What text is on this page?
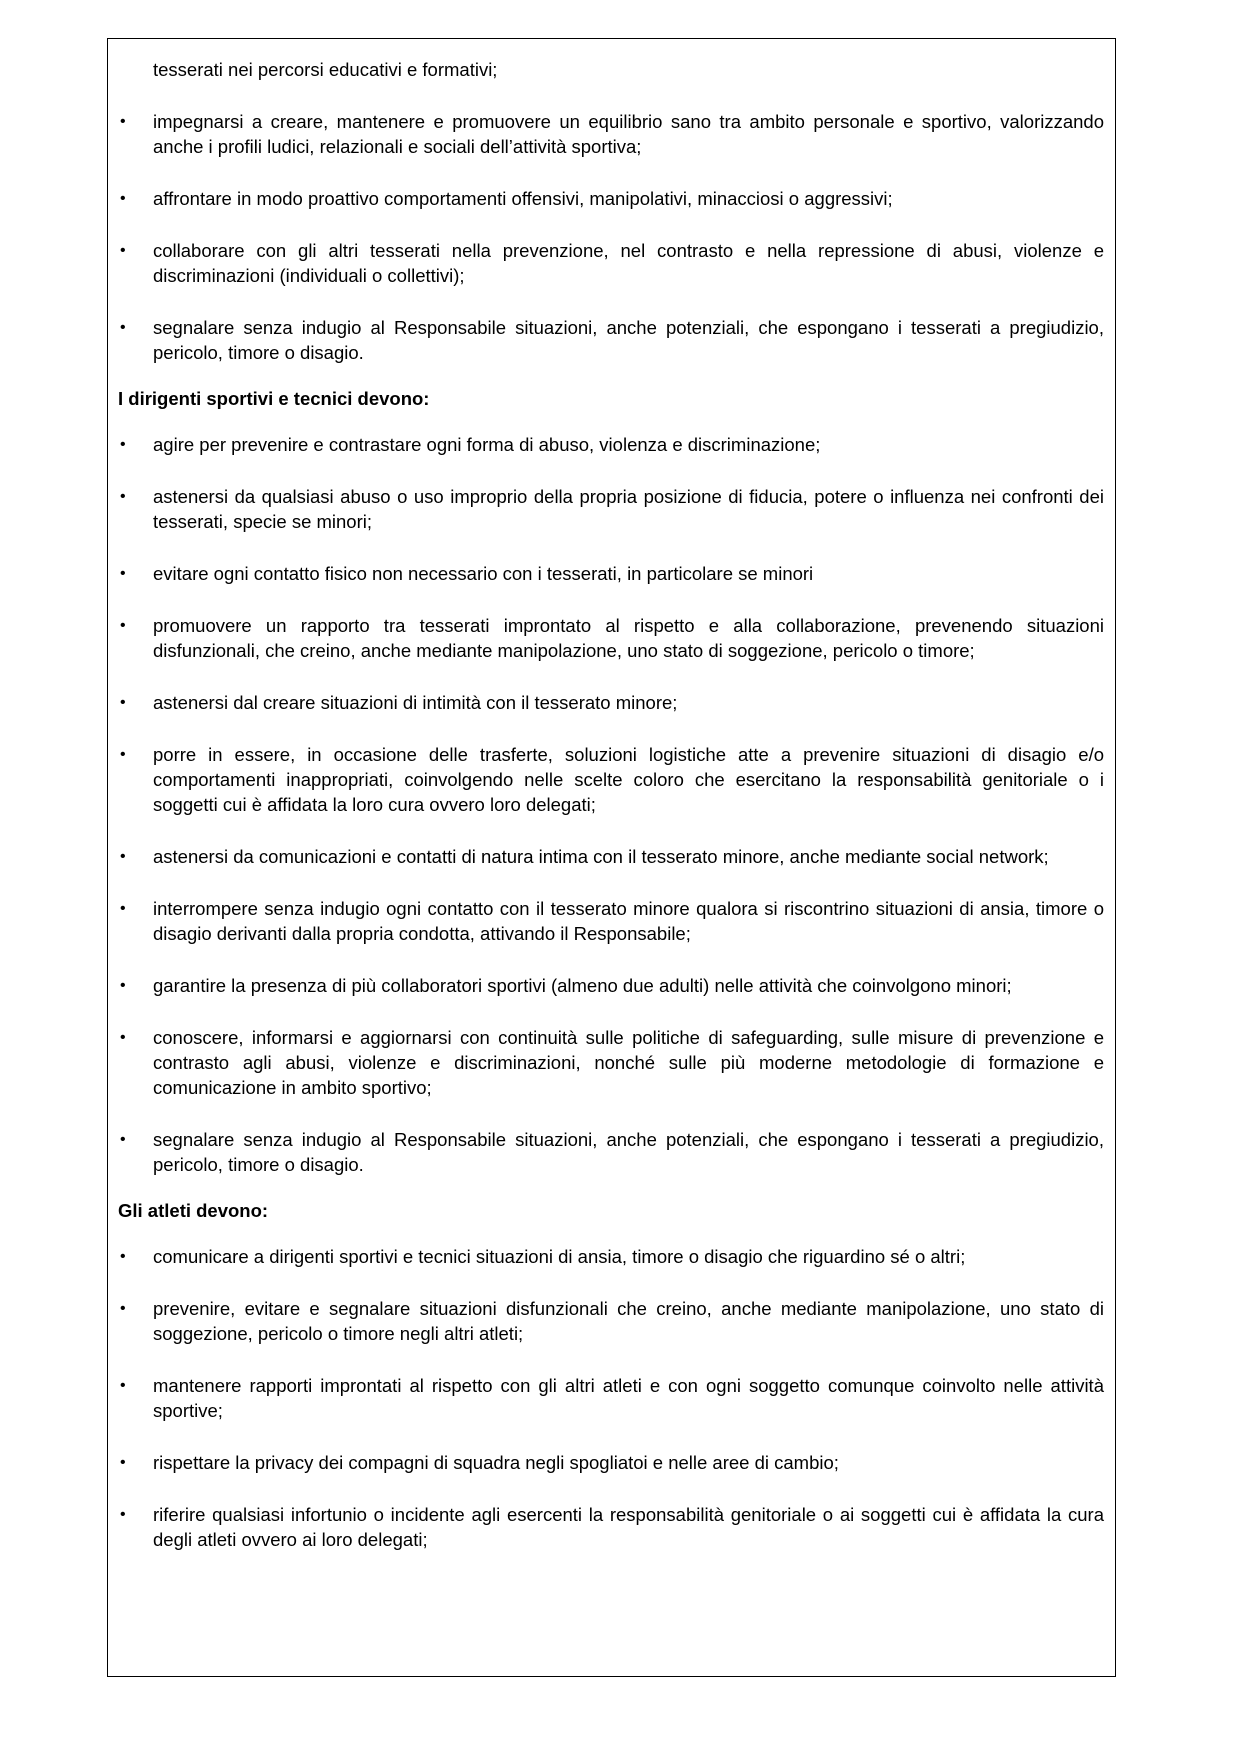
tesserati nei percorsi educativi e formativi;

• impegnarsi a creare, mantenere e promuovere un equilibrio sano tra ambito personale e sportivo, valorizzando anche i profili ludici, relazionali e sociali dell’attività sportiva;
• affrontare in modo proattivo comportamenti offensivi, manipolativi, minacciosi o aggressivi;
• collaborare con gli altri tesserati nella prevenzione, nel contrasto e nella repressione di abusi, violenze e discriminazioni (individuali o collettivi);
• segnalare senza indugio al Responsabile situazioni, anche potenziali, che espongano i tesserati a pregiudizio, pericolo, timore o disagio.
I dirigenti sportivi e tecnici devono:
• agire per prevenire e contrastare ogni forma di abuso, violenza e discriminazione;
• astenersi da qualsiasi abuso o uso improprio della propria posizione di fiducia, potere o influenza nei confronti dei tesserati, specie se minori;
• evitare ogni contatto fisico non necessario con i tesserati, in particolare se minori
• promuovere un rapporto tra tesserati improntato al rispetto e alla collaborazione, prevenendo situazioni disfunzionali, che creino, anche mediante manipolazione, uno stato di soggezione, pericolo o timore;
• astenersi dal creare situazioni di intimità con il tesserato minore;
• porre in essere, in occasione delle trasferte, soluzioni logistiche atte a prevenire situazioni di disagio e/o comportamenti inappropriati, coinvolgendo nelle scelte coloro che esercitano la responsabilità genitoriale o i soggetti cui è affidata la loro cura ovvero loro delegati;
• astenersi da comunicazioni e contatti di natura intima con il tesserato minore, anche mediante social network;
• interrompere senza indugio ogni contatto con il tesserato minore qualora si riscontrino situazioni di ansia, timore o disagio derivanti dalla propria condotta, attivando il Responsabile;
• garantire la presenza di più collaboratori sportivi (almeno due adulti) nelle attività che coinvolgono minori;
• conoscere, informarsi e aggiornarsi con continuità sulle politiche di safeguarding, sulle misure di prevenzione e contrasto agli abusi, violenze e discriminazioni, nonché sulle più moderne metodologie di formazione e comunicazione in ambito sportivo;
• segnalare senza indugio al Responsabile situazioni, anche potenziali, che espongano i tesserati a pregiudizio, pericolo, timore o disagio.
Gli atleti devono:
• comunicare a dirigenti sportivi e tecnici situazioni di ansia, timore o disagio che riguardino sé o altri;
• prevenire, evitare e segnalare situazioni disfunzionali che creino, anche mediante manipolazione, uno stato di soggezione, pericolo o timore negli altri atleti;
• mantenere rapporti improntati al rispetto con gli altri atleti e con ogni soggetto comunque coinvolto nelle attività sportive;
• rispettare la privacy dei compagni di squadra negli spogliatoi e nelle aree di cambio;
• riferire qualsiasi infortunio o incidente agli esercenti la responsabilità genitoriale o ai soggetti cui è affidata la cura degli atleti ovvero ai loro delegati;
